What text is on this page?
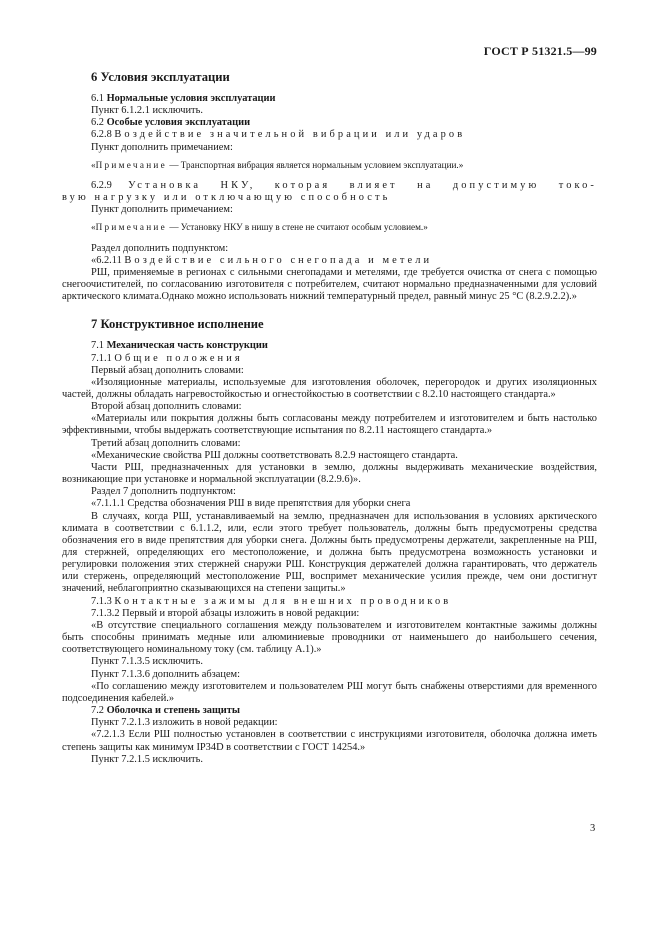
ГОСТ Р 51321.5—99

6 Условия эксплуатации

6.1 Нормальные условия эксплуатации

Пункт 6.1.2.1 исключить.

6.2 Особые условия эксплуатации

6.2.8 Воздействие значительной вибрации или ударов

Пункт дополнить примечанием:

«Примечание — Транспортная вибрация является нормальным условием эксплуатации.»

6.2.9 Установка НКУ, которая влияет на допустимую токо-

вую нагрузку или отключающую способность

Пункт дополнить примечанием:

«Примечание — Установку НКУ в нишу в стене не считают особым условием.»

Раздел дополнить подпунктом:

«6.2.11 Воздействие сильного снегопада и метели

РШ, применяемые в регионах с сильными снегопадами и метелями, где требуется очистка от снега с помощью снегоочистителей, по согласованию изготовителя с потребителем, считают нормально предназначенными для условий арктического климата.Однако можно использовать нижний температурный предел, равный минус 25 °С (8.2.9.2.2).»

7 Конструктивное исполнение

7.1 Механическая часть конструкции

7.1.1 Общие положения

Первый абзац дополнить словами:

«Изоляционные материалы, используемые для изготовления оболочек, перегородок и других изоляционных частей, должны обладать нагревостойкостью и огнестойкостью в соответствии с 8.2.10 настоящего стандарта.»

Второй абзац дополнить словами:

«Материалы или покрытия должны быть согласованы между потребителем и изготовителем и быть настолько эффективными, чтобы выдержать соответствующие испытания по 8.2.11 настоящего стандарта.»

Третий абзац дополнить словами:

«Механические свойства РШ должны соответствовать 8.2.9 настоящего стандарта.

Части РШ, предназначенных для установки в землю, должны выдерживать механические воздействия, возникающие при установке и нормальной эксплуатации (8.2.9.6)».

Раздел 7 дополнить подпунктом:

«7.1.1.1 Средства обозначения РШ в виде препятствия для уборки снега

В случаях, когда РШ, устанавливаемый на землю, предназначен для использования в условиях арктического климата в соответствии с 6.1.1.2, или, если этого требует пользователь, должны быть предусмотрены средства обозначения его в виде препятствия для уборки снега. Должны быть предусмотрены держатели, закрепленные на РШ, для стержней, определяющих его местоположение, и должна быть предусмотрена возможность установки и регулировки положения этих стержней снаружи РШ. Конструкция держателей должна гарантировать, что держатель или стержень, определяющий местоположение РШ, воспримет механические усилия прежде, чем они достигнут значений, неблагоприятно сказывающихся на степени защиты.»

7.1.3 Контактные зажимы для внешних проводников

7.1.3.2 Первый и второй абзацы изложить в новой редакции:

«В отсутствие специального соглашения между пользователем и изготовителем контактные зажимы должны быть способны принимать медные или алюминиевые проводники от наименьшего до наибольшего сечения, соответствующего номинальному току (см. таблицу А.1).»

Пункт 7.1.3.5 исключить.

Пункт 7.1.3.6 дополнить абзацем:

«По соглашению между изготовителем и пользователем РШ могут быть снабжены отверстиями для временного подсоединения кабелей.»

7.2 Оболочка и степень защиты

Пункт 7.2.1.3 изложить в новой редакции:

«7.2.1.3 Если РШ полностью установлен в соответствии с инструкциями изготовителя, оболочка должна иметь степень защиты как минимум IP34D в соответствии с ГОСТ 14254.»

Пункт 7.2.1.5 исключить.

3
